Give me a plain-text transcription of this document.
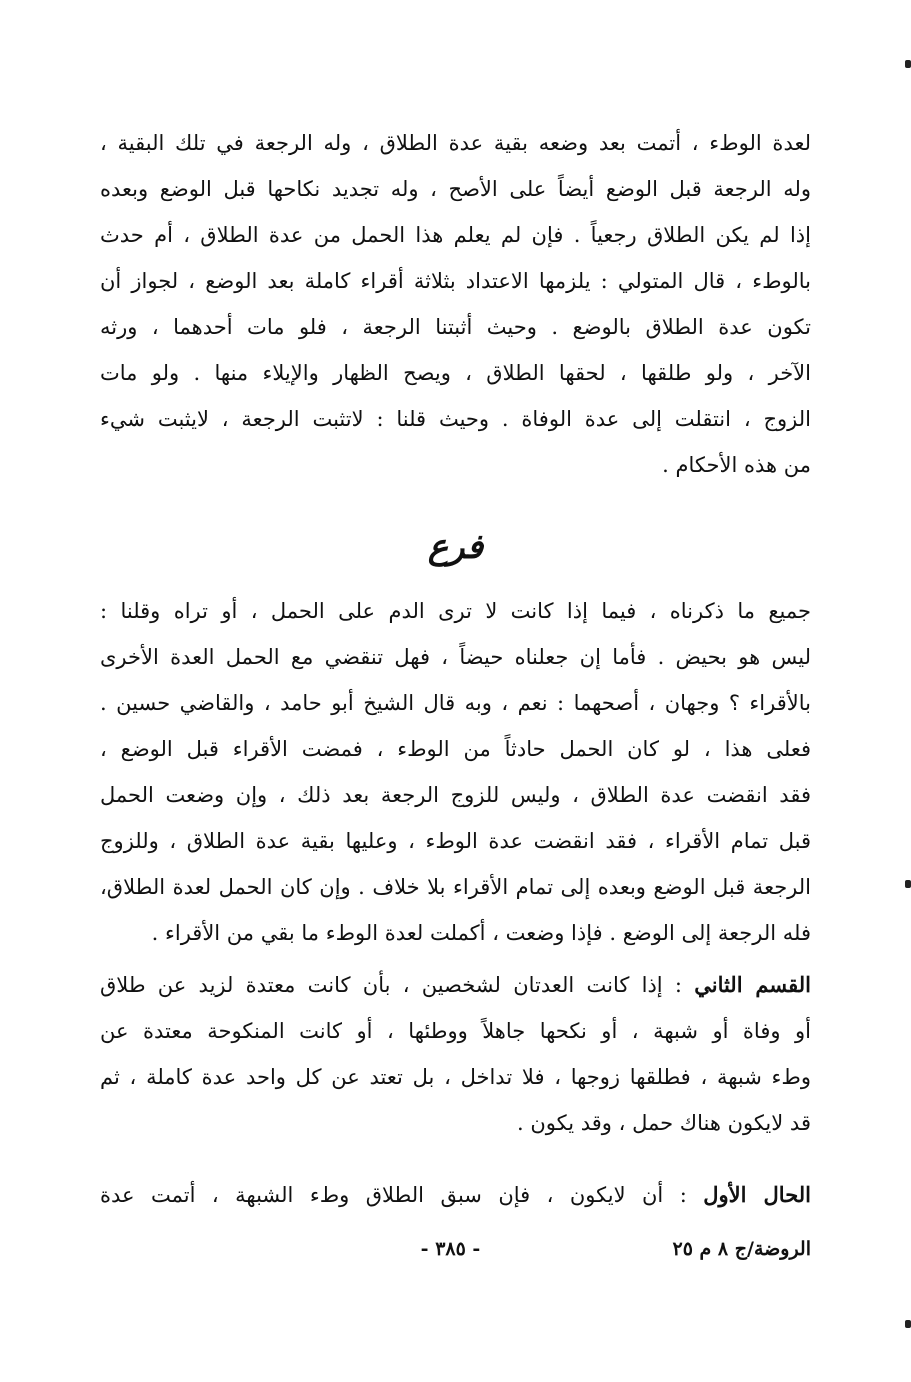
لعدة الوطء ، أتمت بعد وضعه بقية عدة الطلاق ، وله الرجعة في تلك البقية ،
وله الرجعة قبل الوضع أيضاً على الأصح ، وله تجديد نكاحها قبل الوضع وبعده
إذا لم يكن الطلاق رجعياً . فإن لم يعلم هذا الحمل من عدة الطلاق ، أم حدث
بالوطء ، قال المتولي : يلزمها الاعتداد بثلاثة أقراء كاملة بعد الوضع ، لجواز أن
تكون عدة الطلاق بالوضع . وحيث أثبتنا الرجعة ، فلو مات أحدهما ، ورثه
الآخر ، ولو طلقها ، لحقها الطلاق ، ويصح الظهار والإيلاء منها . ولو مات
الزوج ، انتقلت إلى عدة الوفاة . وحيث قلنا : لاتثبت الرجعة ، لايثبت شيء
من هذه الأحكام .
فرع
جميع ما ذكرناه ، فيما إذا كانت لا ترى الدم على الحمل ، أو تراه وقلنا :
ليس هو بحيض . فأما إن جعلناه حيضاً ، فهل تنقضي مع الحمل العدة الأخرى
بالأقراء ؟ وجهان ، أصحهما : نعم ، وبه قال الشيخ أبو حامد ، والقاضي حسين .
فعلى هذا ، لو كان الحمل حادثاً من الوطء ، فمضت الأقراء قبل الوضع ،
فقد انقضت عدة الطلاق ، وليس للزوج الرجعة بعد ذلك ، وإن وضعت الحمل
قبل تمام الأقراء ، فقد انقضت عدة الوطء ، وعليها بقية عدة الطلاق ، وللزوج
الرجعة قبل الوضع وبعده إلى تمام الأقراء بلا خلاف . وإن كان الحمل لعدة الطلاق،
فله الرجعة إلى الوضع . فإذا وضعت ، أكملت لعدة الوطء ما بقي من الأقراء .
القسم الثاني : إذا كانت العدتان لشخصين ، بأن كانت معتدة لزيد عن طلاق
أو وفاة أو شبهة ، أو نكحها جاهلاً ووطئها ، أو كانت المنكوحة معتدة عن
وطء شبهة ، فطلقها زوجها ، فلا تداخل ، بل تعتد عن كل واحد عدة كاملة ، ثم
قد لايكون هناك حمل ، وقد يكون .
الحال الأول : أن لايكون ، فإن سبق الطلاق وطء الشبهة ، أتمت عدة
الروضة/ج ٨ م ٢٥
- ٣٨٥ -
